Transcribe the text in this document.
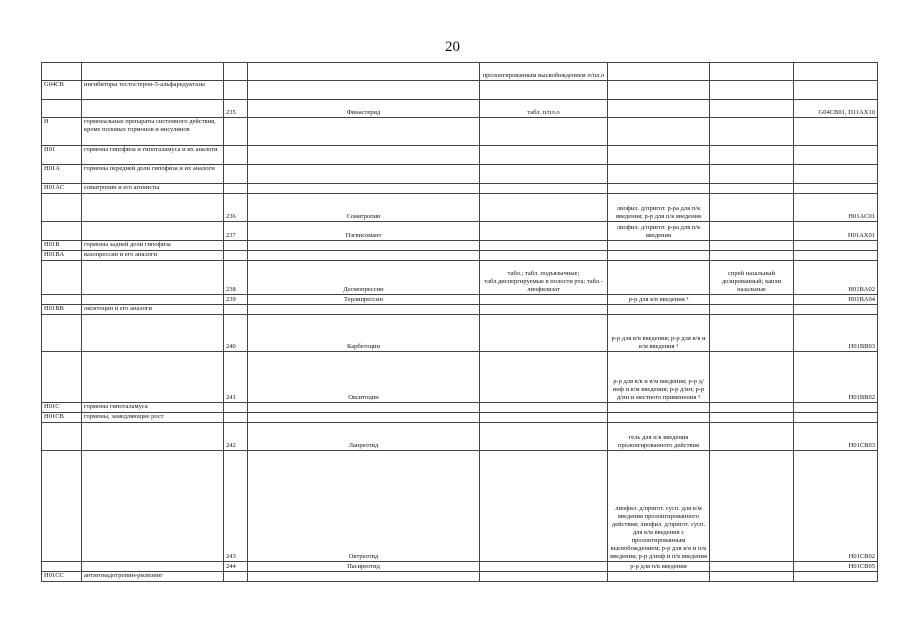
20
				пролонгированным высвобождением п/пл.о			
G04CB	ингибиторы тестостерон-5-альфаредуктазы						
		235	Финастерид	табл. п/пл.о			G04CB01, D11AX10
H	гормональные препараты системного действия, кроме половых гормонов и инсулинов						
H01	гормоны гипофиза и гипоталамуса и их аналоги						
H01A	гормоны передней доли гипофиза и их аналоги						
H01AC	соматропин и его агонисты						
		236	Соматропин		лиофил. д/пригот. р-ра для п/к введения; р-р для п/к введения		H01AC01
		237	Пэгвисомант		лиофил. д/пригот. р-ра для п/к введения		H01AX01
H01B	гормоны задней доли гипофиза						
H01BA	вазопрессин и его аналоги						
		238	Десмопрессин	табл.; табл. подъязычные; табл.диспергируемые в полости рта; табл.-лиофилизат		спрей назальный дозированный; капли назальные	H01BA02
		239	Терлипрессин		р-р для в/в введения ³		H01BA04
H01BB	окситоцин и его аналоги						
		240	Карбетоцин		р-р для в/в введения; р-р для в/в и в/м введения ³		H01BB03
		241	Окситоцин		р-р для в/в и в/м введения; р-р д/инф и в/м введения; р-р д/ин; р-р д/ин и местного применения ³		H01BB02
H01C	гормоны гипоталамуса						
H01CB	гормоны, замедляющие рост						
		242	Ланреотид		гель для п/к введения пролонгированного действия		H01CB03
		243	Октреотид		лиофил. д/пригот. сусп. для в/м введения пролонгированного действия; лиофил. д/пригот. сусп. для в/м введения с пролонгированным высвобождением; р-р для в/в и п/к введения; р-р д/инф и п/к введения		H01CB02
		244	Пасиреотид		р-р для п/к введения		H01CB05
H01CC	антигонадотропин-рилизинг						
